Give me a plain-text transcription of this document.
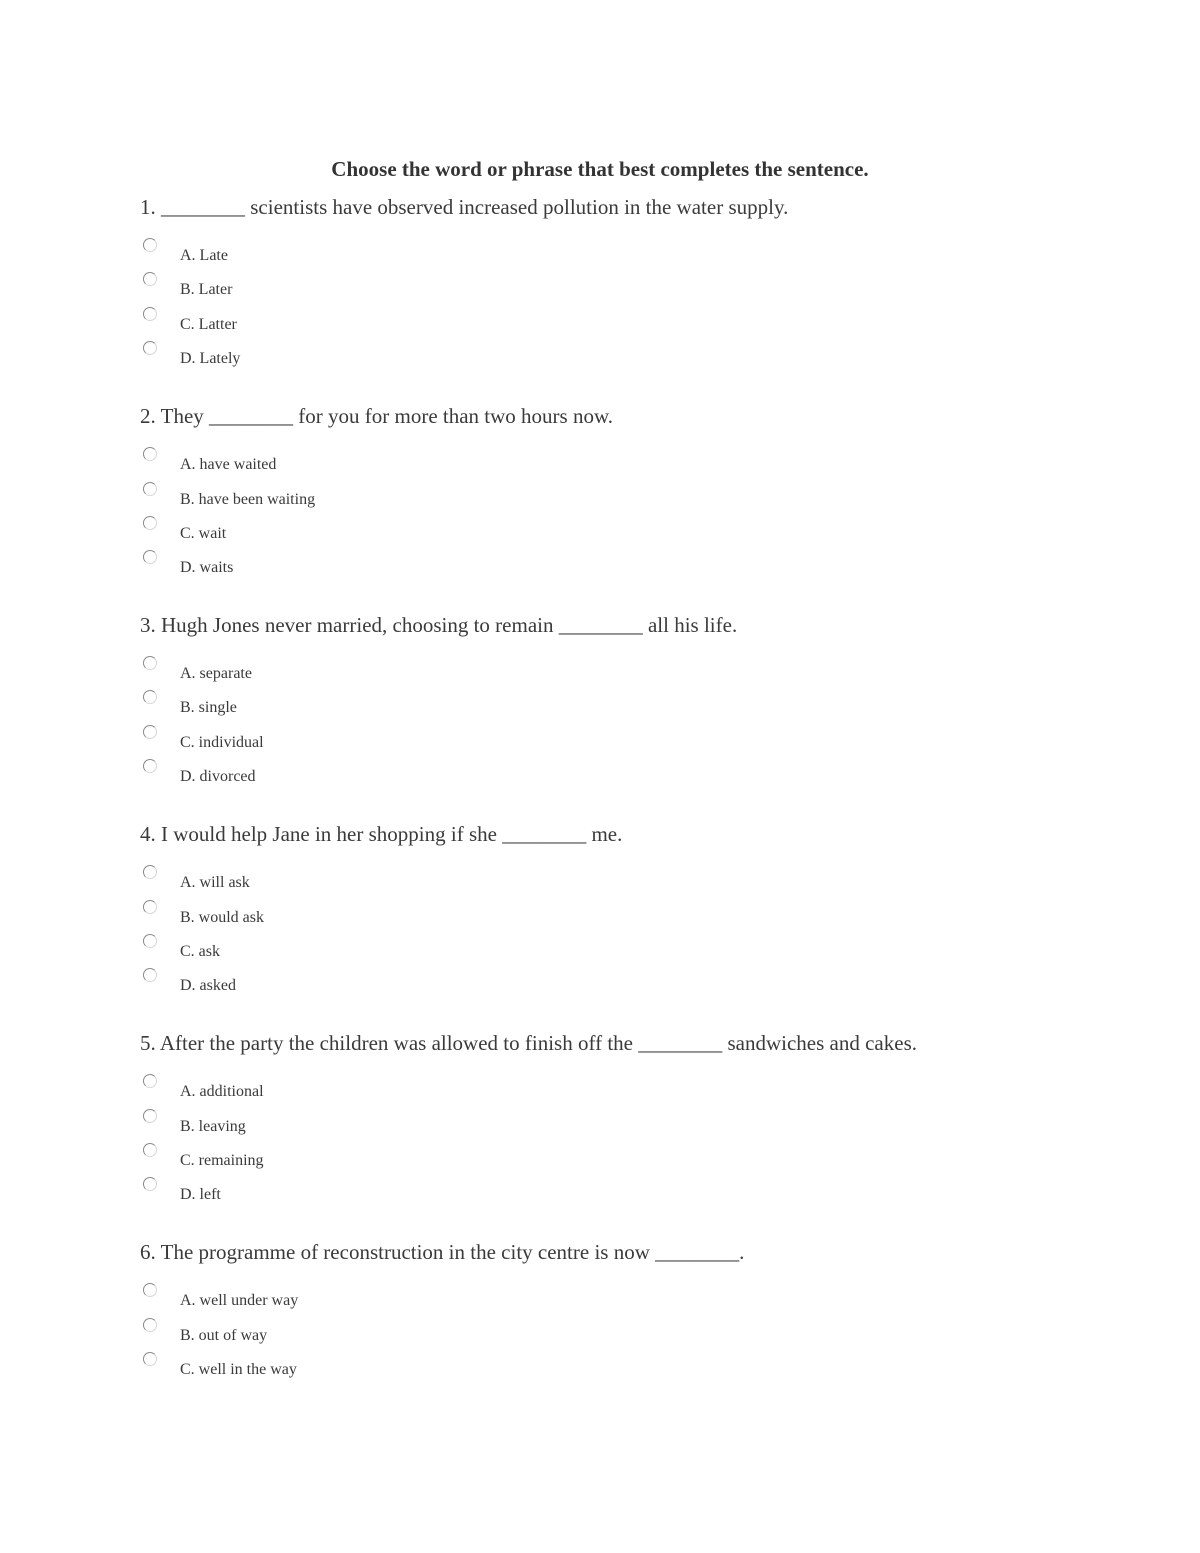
Choose the word or phrase that best completes the sentence.
1. ________ scientists have observed increased pollution in the water supply.
A. Late
B. Later
C. Latter
D. Lately
2. They ________ for you for more than two hours now.
A. have waited
B. have been waiting
C. wait
D. waits
3. Hugh Jones never married, choosing to remain ________ all his life.
A. separate
B. single
C. individual
D. divorced
4. I would help Jane in her shopping if she ________ me.
A. will ask
B. would ask
C. ask
D. asked
5. After the party the children was allowed to finish off the ________ sandwiches and cakes.
A. additional
B. leaving
C. remaining
D. left
6. The programme of reconstruction in the city centre is now ________.
A. well under way
B. out of way
C. well in the way
